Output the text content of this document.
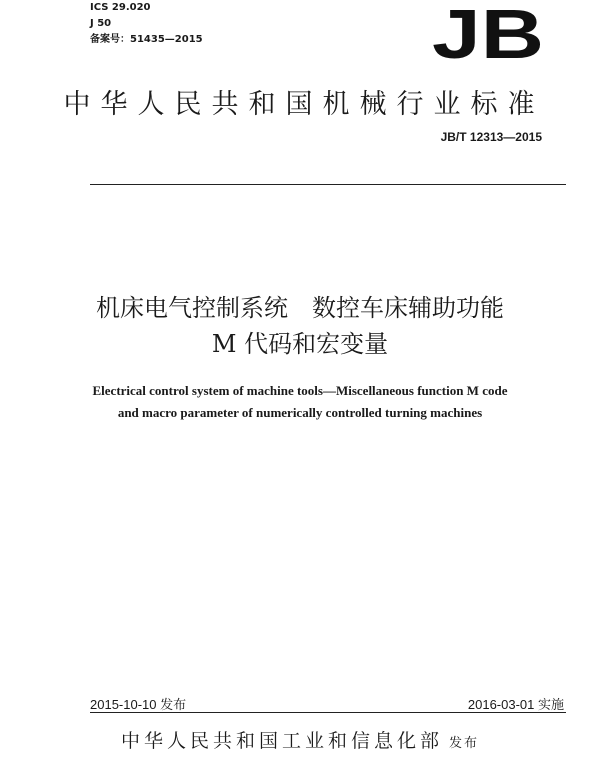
ICS 29.020
J 50
备案号：51435—2015	JB
中华人民共和国机械行业标准
JB/T 12313—2015
机床电气控制系统　数控车床辅助功能
M 代码和宏变量
Electrical control system of machine tools—Miscellaneous function M code
and macro parameter of numerically controlled turning machines
2015-10-10 发布	2016-03-01 实施
中华人民共和国工业和信息化部 发布
